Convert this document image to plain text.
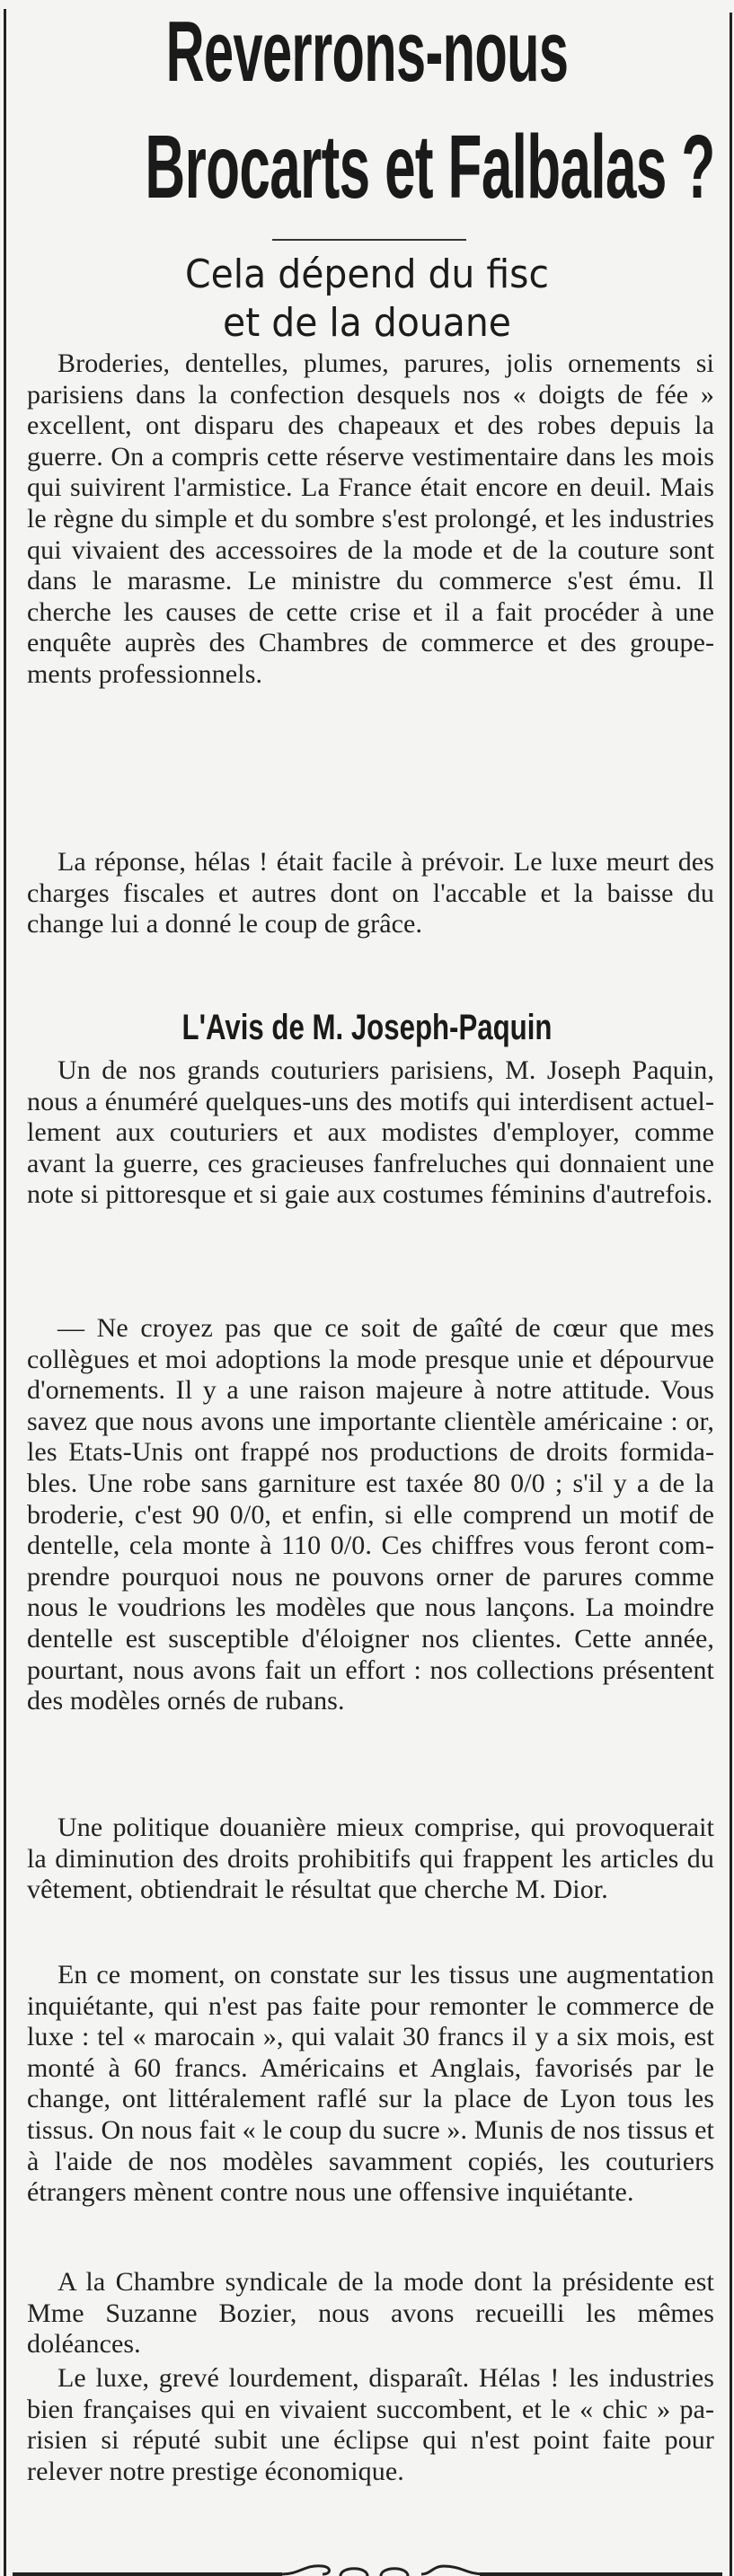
Reverrons-nous
Brocarts et Falbalas ?
Cela dépend du fisc
et de la douane

Broderies, dentelles, plumes, parures, jolis ornements si parisiens dans la confection desquels nos « doigts de fée » excellent, ont disparu des chapeaux et des robes depuis la guerre. On a compris cette réserve vestimentaire dans les mois qui suivirent l'armistice. La France était encore en deuil. Mais le règne du simple et du sombre s'est prolongé, et les industries qui vivaient des accessoires de la mode et de la couture sont dans le marasme. Le ministre du commerce s'est ému. Il cherche les causes de cette crise et il a fait procéder à une enquête auprès des Chambres de commerce et des groupements professionnels.

La réponse, hélas ! était facile à prévoir. Le luxe meurt des charges fiscales et autres dont on l'accable et la baisse du change lui a donné le coup de grâce.

L'Avis de M. Joseph-Paquin

Un de nos grands couturiers parisiens, M. Joseph Paquin, nous a énuméré quelques-uns des motifs qui interdisent actuellement aux couturiers et aux modistes d'employer, comme avant la guerre, ces gracieuses fanfreluches qui donnaient une note si pittoresque et si gaie aux costumes féminins d'autrefois.

— Ne croyez pas que ce soit de gaîté de cœur que mes collègues et moi adoptions la mode presque unie et dépourvue d'ornements. Il y a une raison majeure à notre attitude. Vous savez que nous avons une importante clientèle américaine : or, les Etats-Unis ont frappé nos productions de droits formidables. Une robe sans garniture est taxée 80 0/0 ; s'il y a de la broderie, c'est 90 0/0, et enfin, si elle comprend un motif de dentelle, cela monte à 110 0/0. Ces chiffres vous feront comprendre pourquoi nous ne pouvons orner de parures comme nous le voudrions les modèles que nous lançons. La moindre dentelle est susceptible d'éloigner nos clientes. Cette année, pourtant, nous avons fait un effort : nos collections présentent des modèles ornés de rubans.

Une politique douanière mieux comprise, qui provoquerait la diminution des droits prohibitifs qui frappent les articles du vêtement, obtiendrait le résultat que cherche M. Dior.

En ce moment, on constate sur les tissus une augmentation inquiétante, qui n'est pas faite pour remonter le commerce de luxe : tel « marocain », qui valait 30 francs il y a six mois, est monté à 60 francs. Américains et Anglais, favorisés par le change, ont littéralement raflé sur la place de Lyon tous les tissus. On nous fait « le coup du sucre ». Munis de nos tissus et à l'aide de nos modèles savamment copiés, les couturiers étrangers mènent contre nous une offensive inquiétante.

A la Chambre syndicale de la mode dont la présidente est Mme Suzanne Bozier, nous avons recueilli les mêmes doléances.

Le luxe, grevé lourdement, disparaît. Hélas ! les industries bien françaises qui en vivaient succombent, et le « chic » parisien si réputé subit une éclipse qui n'est point faite pour relever notre prestige économique.
